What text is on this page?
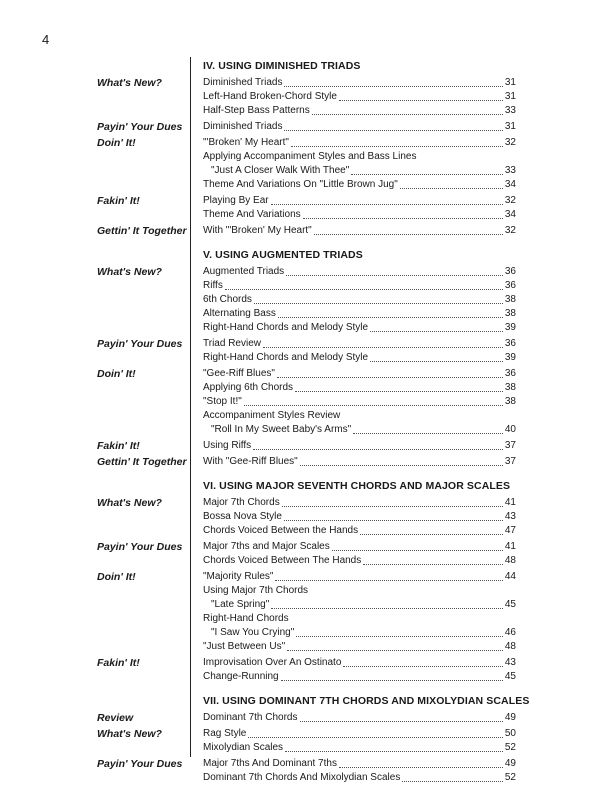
4
IV. USING DIMINISHED TRIADS
What's New?	Diminished Triads	31
Left-Hand Broken-Chord Style	31
Half-Step Bass Patterns	33
Payin' Your Dues Diminished Triads	31
Doin' It!	"'Broken' My Heart"	32
Applying Accompaniment Styles and Bass Lines
"Just A Closer Walk With Thee"	33
Theme And Variations On "Little Brown Jug"	34
Fakin' It!	Playing By Ear	32
Theme And Variations	34
Gettin' It Together With "'Broken' My Heart"	32
V. USING AUGMENTED TRIADS
What's New?	Augmented Triads	36
Riffs	36
6th Chords	38
Alternating Bass	38
Right-Hand Chords and Melody Style	39
Payin' Your Dues Triad Review	36
Right-Hand Chords and Melody Style	39
Doin' It!	"Gee-Riff Blues"	36
Applying 6th Chords	38
"Stop It!"	38
Accompaniment Styles Review
"Roll In My Sweet Baby's Arms"	40
Fakin' It!	Using Riffs	37
Gettin' It Together With "Gee-Riff Blues"	37
VI. USING MAJOR SEVENTH CHORDS AND MAJOR SCALES
What's New?	Major 7th Chords	41
Bossa Nova Style	43
Chords Voiced Between the Hands	47
Payin' Your Dues Major 7ths and Major Scales	41
Chords Voiced Between The Hands	48
Doin' It!	"Majority Rules"	44
Using Major 7th Chords
"Late Spring"	45
Right-Hand Chords
"I Saw You Crying"	46
"Just Between Us"	48
Fakin' It!	Improvisation Over An Ostinato	43
Change-Running	45
VII. USING DOMINANT 7TH CHORDS AND MIXOLYDIAN SCALES
Review	Dominant 7th Chords	49
What's New?	Rag Style	50
Mixolydian Scales	52
Payin' Your Dues Major 7ths And Dominant 7ths	49
Dominant 7th Chords And Mixolydian Scales	52
